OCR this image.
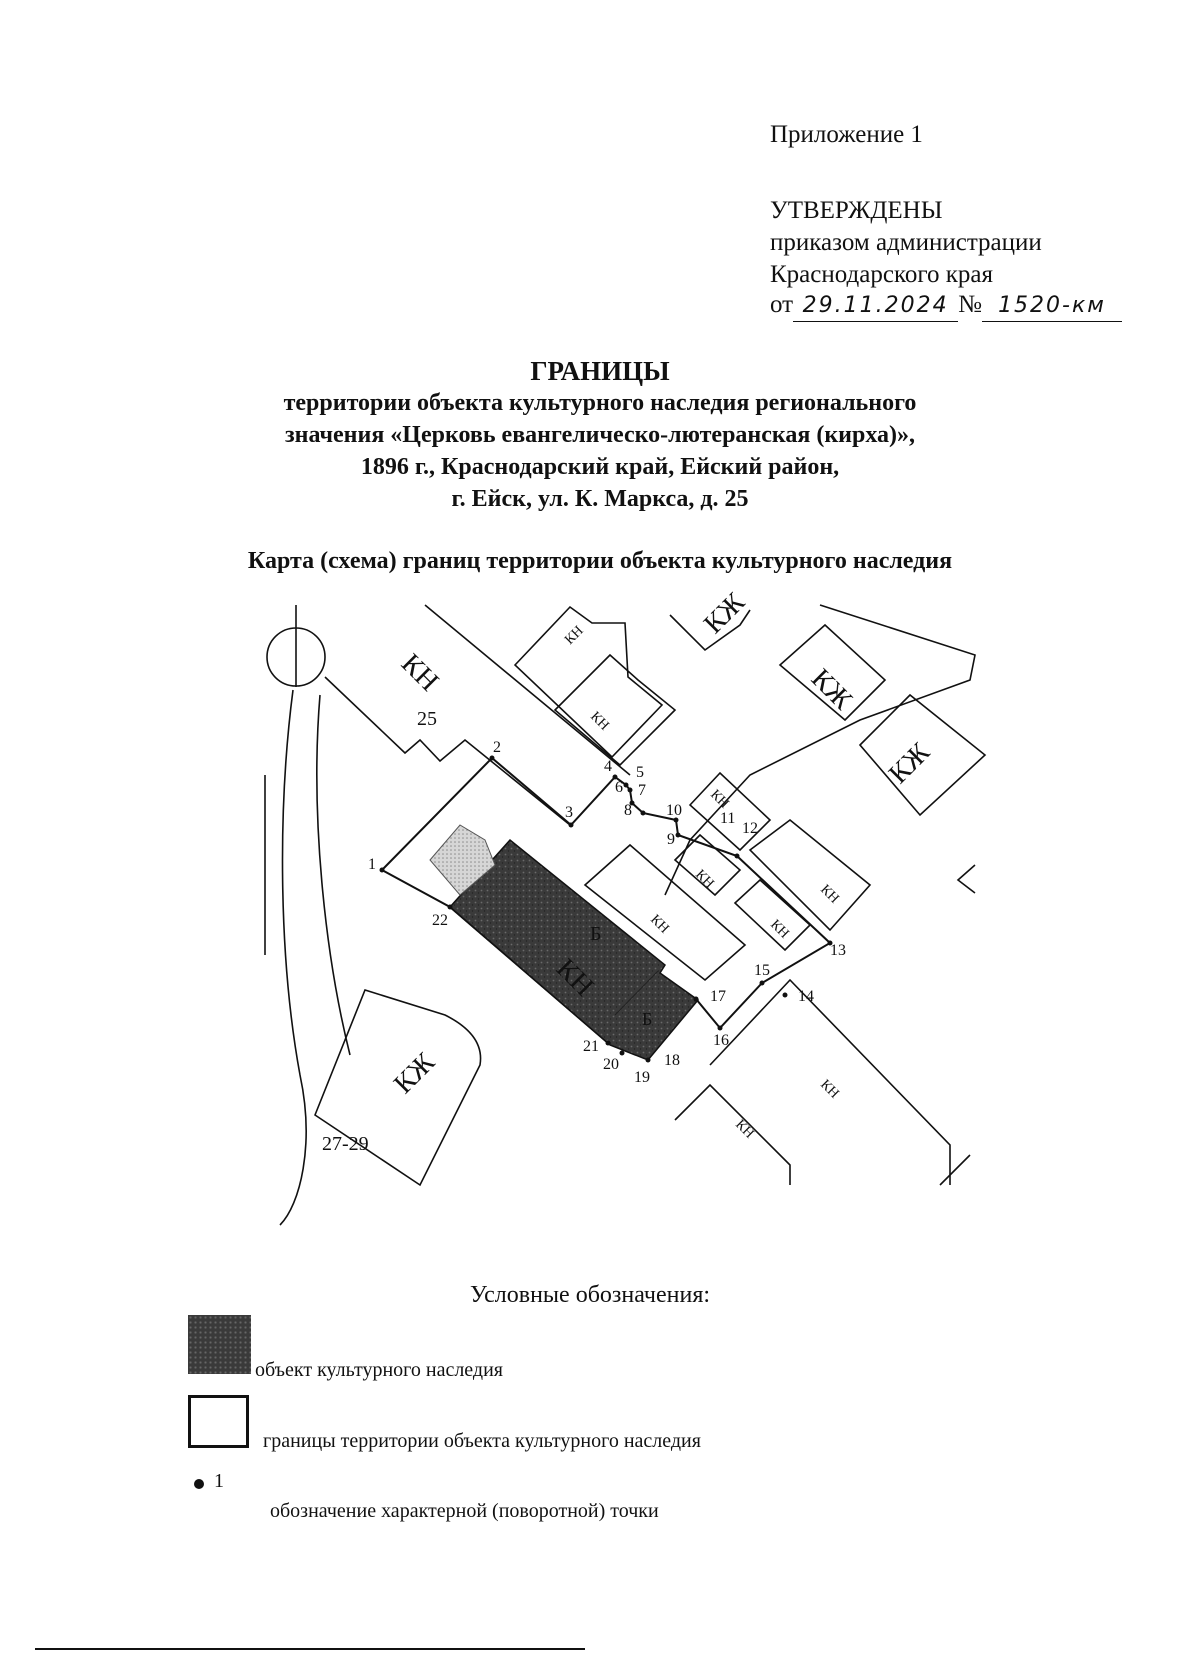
Приложение 1
УТВЕРЖДЕНЫ
приказом администрации
Краснодарского края
от 29.11.2024 № 1520-км
ГРАНИЦЫ
территории объекта культурного наследия регионального
значения «Церковь евангелическо-лютеранская (кирха)»,
1896 г., Краснодарский край, Ейский район,
г. Ейск, ул. К. Маркса, д. 25
Карта (схема) границ территории объекта культурного наследия
КН
25
КН
КН
КЖ
КЖ
КЖ
КН
КН
КН
КН
КН
Б
КН
Б
КЖ
27-29
КН
КН
1
2
3
4 5
6 7
8
9
10 11
12
13
14
15
16
17
18
19
20
21
22
Условные обозначения:
объект культурного наследия
границы территории объекта культурного наследия
1
обозначение характерной (поворотной) точки
